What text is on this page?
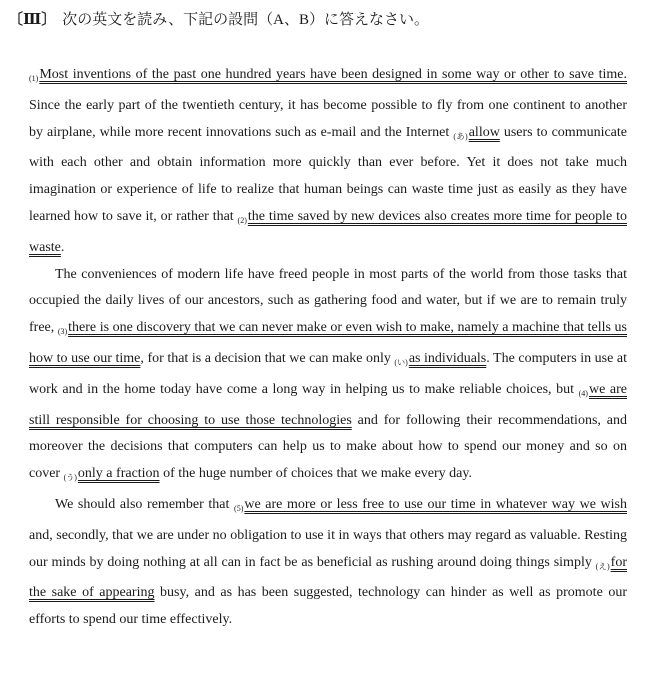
〔Ⅲ〕 次の英文を読み、下記の設問（A、B）に答えなさい。

$_{(1)}$Most inventions of the past one hundred years have been designed in some way or other to save time. Since the early part of the twentieth century, it has become possible to fly from one continent to another by airplane, while more recent innovations such as e-mail and the Internet $_{(あ)}$allow users to communicate with each other and obtain information more quickly than ever before. Yet it does not take much imagination or experience of life to realize that human beings can waste time just as easily as they have learned how to save it, or rather that $_{(2)}$the time saved by new devices also creates more time for people to waste.

The conveniences of modern life have freed people in most parts of the world from those tasks that occupied the daily lives of our ancestors, such as gathering food and water, but if we are to remain truly free, $_{(3)}$there is one discovery that we can never make or even wish to make, namely a machine that tells us how to use our time, for that is a decision that we can make only $_{(い)}$as individuals. The computers in use at work and in the home today have come a long way in helping us to make reliable choices, but $_{(4)}$we are still responsible for choosing to use those technologies and for following their recommendations, and moreover the decisions that computers can help us to make about how to spend our money and so on cover $_{(う)}$only a fraction of the huge number of choices that we make every day.

We should also remember that $_{(5)}$we are more or less free to use our time in whatever way we wish and, secondly, that we are under no obligation to use it in ways that others may regard as valuable. Resting our minds by doing nothing at all can in fact be as beneficial as rushing around doing things simply $_{(え)}$for the sake of appearing busy, and as has been suggested, technology can hinder as well as promote our efforts to spend our time effectively.
